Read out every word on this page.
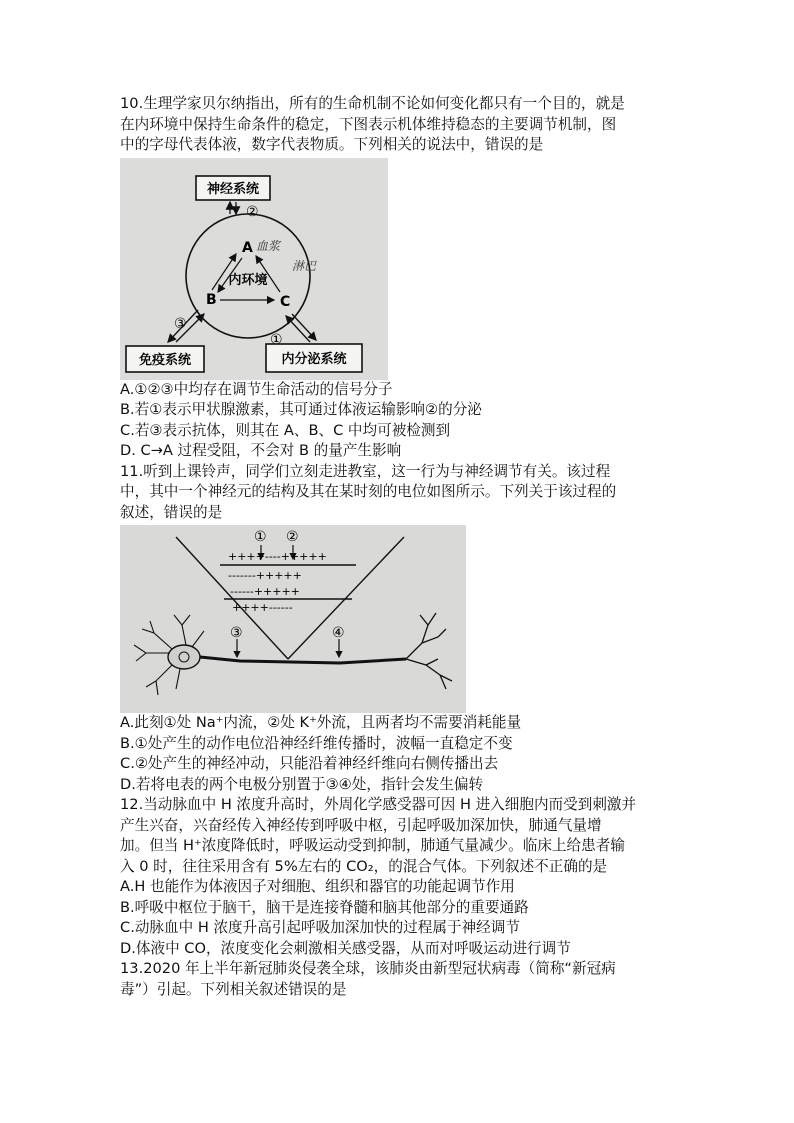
10.生理学家贝尔纳指出，所有的生命机制不论如何变化都只有一个目的，就是
在内环境中保持生命条件的稳定，下图表示机体维持稳态的主要调节机制，图
中的字母代表体液，数字代表物质。下列相关的说法中，错误的是
神经系统
免疫系统	内分泌系统
②
③
①
A
B	C
内环境
血浆
淋巴
A.①②③中均存在调节生命活动的信号分子
B.若①表示甲状腺激素，其可通过体液运输影响②的分泌
C.若③表示抗体，则其在 A、B、C 中均可被检测到
D. C→A 过程受阻，不会对 B 的量产生影响
11.听到上课铃声，同学们立刻走进教室，这一行为与神经调节有关。该过程
中，其中一个神经元的结构及其在某时刻的电位如图所示。下列关于该过程的
叙述，错误的是
① ②
++++----+++++
-------+++++
------+++++
++++------
③	④
A.此刻①处 Na⁺内流，②处 K⁺外流，且两者均不需要消耗能量
B.①处产生的动作电位沿神经纤维传播时，波幅一直稳定不变
C.②处产生的神经冲动，只能沿着神经纤维向右侧传播出去
D.若将电表的两个电极分别置于③④处，指针会发生偏转
12.当动脉血中 H 浓度升高时，外周化学感受器可因 H 进入细胞内而受到刺激并
产生兴奋，兴奋经传入神经传到呼吸中枢，引起呼吸加深加快，肺通气量增
加。但当 H⁺浓度降低时，呼吸运动受到抑制，肺通气量减少。临床上给患者输
入 0 时，往往采用含有 5%左右的 CO₂，的混合气体。下列叙述不正确的是
A.H 也能作为体液因子对细胞、组织和器官的功能起调节作用
B.呼吸中枢位于脑干，脑干是连接脊髓和脑其他部分的重要通路
C.动脉血中 H 浓度升高引起呼吸加深加快的过程属于神经调节
D.体液中 CO，浓度变化会刺激相关感受器，从而对呼吸运动进行调节
13.2020 年上半年新冠肺炎侵袭全球，该肺炎由新型冠状病毒（简称“新冠病
毒”）引起。下列相关叙述错误的是
